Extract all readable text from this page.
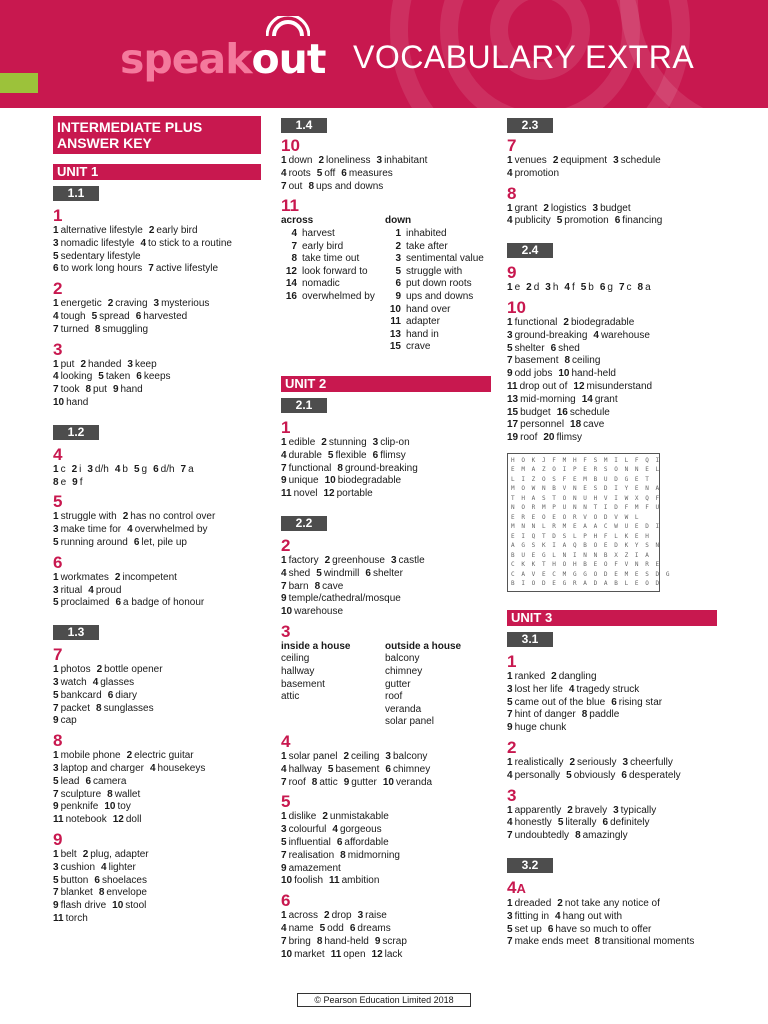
speak out VOCABULARY EXTRA
INTERMEDIATE PLUS
ANSWER KEY
UNIT 1
1.1
1
1 alternative lifestyle 2 early bird
3 nomadic lifestyle 4 to stick to a routine
5 sedentary lifestyle
6 to work long hours 7 active lifestyle
2
1 energetic 2 craving 3 mysterious
4 tough 5 spread 6 harvested
7 turned 8 smuggling
3
1 put 2 handed 3 keep
4 looking 5 taken 6 keeps
7 took 8 put 9 hand
10 hand
1.2
4
1 c 2 i 3 d/h 4 b 5 g 6 d/h 7 a
8 e 9 f
5
1 struggle with 2 has no control over
3 make time for 4 overwhelmed by
5 running around 6 let, pile up
6
1 workmates 2 incompetent
3 ritual 4 proud
5 proclaimed 6 a badge of honour
1.3
7
1 photos 2 bottle opener
3 watch 4 glasses
5 bankcard 6 diary
7 packet 8 sunglasses
9 cap
8
1 mobile phone 2 electric guitar
3 laptop and charger 4 housekeys
5 lead 6 camera
7 sculpture 8 wallet
9 penknife 10 toy
11 notebook 12 doll
9
1 belt 2 plug, adapter
3 cushion 4 lighter
5 button 6 shoelaces
7 blanket 8 envelope
9 flash drive 10 stool
11 torch
1.4
10
1 down 2 loneliness 3 inhabitant
4 roots 5 off 6 measures
7 out 8 ups and downs
11
across
4 harvest
7 early bird
8 take time out
12 look forward to
14 nomadic
16 overwhelmed by
down
1 inhabited
2 take after
3 sentimental value
5 struggle with
6 put down roots
9 ups and downs
10 hand over
11 adapter
13 hand in
15 crave
UNIT 2
2.1
1
1 edible 2 stunning 3 clip-on
4 durable 5 flexible 6 flimsy
7 functional 8 ground-breaking
9 unique 10 biodegradable
11 novel 12 portable
2.2
2
1 factory 2 greenhouse 3 castle
4 shed 5 windmill 6 shelter
7 barn 8 cave
9 temple/cathedral/mosque
10 warehouse
3
inside a house
ceiling
hallway
basement
attic
outside a house
balcony
chimney
gutter
roof
veranda
solar panel
4
1 solar panel 2 ceiling 3 balcony
4 hallway 5 basement 6 chimney
7 roof 8 attic 9 gutter 10 veranda
5
1 dislike 2 unmistakable
3 colourful 4 gorgeous
5 influential 6 affordable
7 realisation 8 midmorning
9 amazement
10 foolish 11 ambition
6
1 across 2 drop 3 raise
4 name 5 odd 6 dreams
7 bring 8 hand-held 9 scrap
10 market 11 open 12 lack
2.3
7
1 venues 2 equipment 3 schedule
4 promotion
8
1 grant 2 logistics 3 budget
4 publicity 5 promotion 6 financing
2.4
9
1 e 2 d 3 h 4 f 5 b 6 g 7 c 8 a
10
1 functional 2 biodegradable
3 ground-breaking 4 warehouse
5 shelter 6 shed
7 basement 8 ceiling
9 odd jobs 10 hand-held
11 drop out of 12 misunderstand
13 mid-morning 14 grant
15 budget 16 schedule
17 personnel 18 cave
19 roof 20 flimsy
H O K J F M H F S M I L F Q I
E M A Z O I P E R S O N N E L
L I Z O S F E M B U D G E T
M O W N B V N E S D I Y E N A
T H A S T O N U H V I W X Q F
N O R M P U N N T I D F M F U
E R E O E O R V O D V W L
M N N L R M E A A C W U E D I
E I Q T D S L P H F L K E H
A G S K I A Q B O E D K Y S N
B U E G L N I N N B X Z I A
C K K T H O H B E O F V N R E
C A V E C M G G O D E M E S D G
B I O D E G R A D A B L E O D
UNIT 3
3.1
1
1 ranked 2 dangling
3 lost her life 4 tragedy struck
5 came out of the blue 6 rising star
7 hint of danger 8 paddle
9 huge chunk
2
1 realistically 2 seriously 3 cheerfully
4 personally 5 obviously 6 desperately
3
1 apparently 2 bravely 3 typically
4 honestly 5 literally 6 definitely
7 undoubtedly 8 amazingly
3.2
4A
1 dreaded 2 not take any notice of
3 fitting in 4 hang out with
5 set up 6 have so much to offer
7 make ends meet 8 transitional moments
© Pearson Education Limited 2018
